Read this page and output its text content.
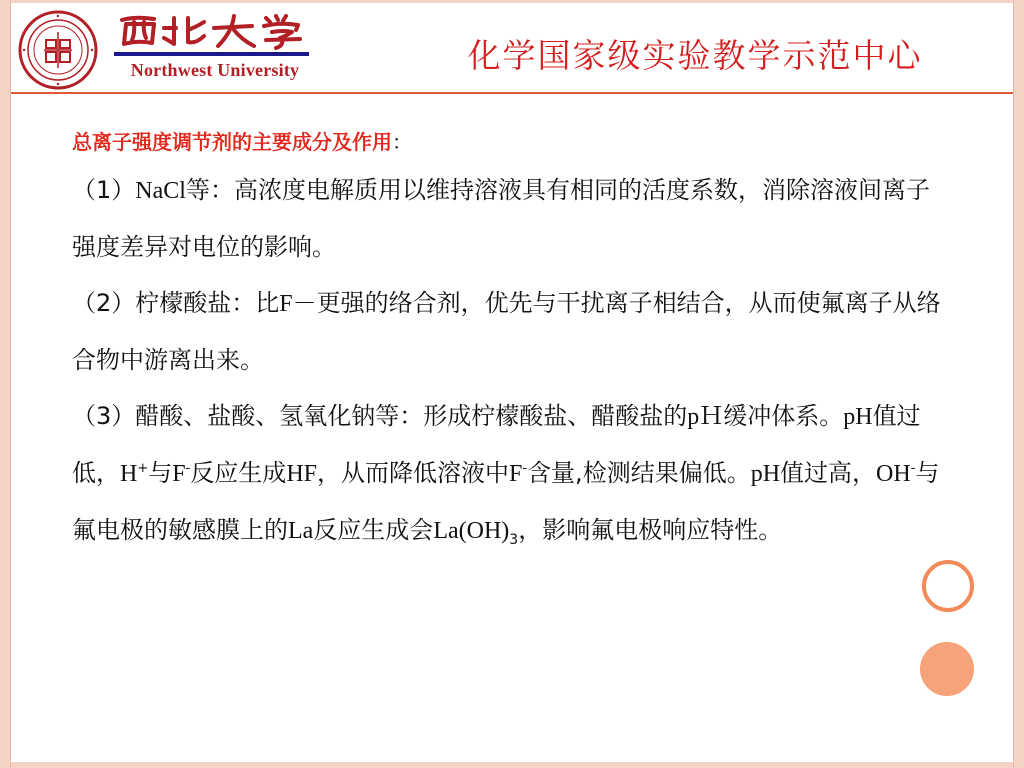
Northwest University	化学国家级实验教学示范中心
总离子强度调节剂的主要成分及作用：
（1）NaCl等：高浓度电解质用以维持溶液具有相同的活度系数，消除溶液间离子强度差异对电位的影响。
（2）柠檬酸盐：比F－更强的络合剂，优先与干扰离子相结合，从而使氟离子从络合物中游离出来。
（3）醋酸、盐酸、氢氧化钠等：形成柠檬酸盐、醋酸盐的pＨ缓冲体系。pH值过低，H+与F-反应生成HF，从而降低溶液中F-含量,检测结果偏低。pH值过高，OH-与氟电极的敏感膜上的La反应生成会$La(OH)_3$，影响氟电极响应特性。
